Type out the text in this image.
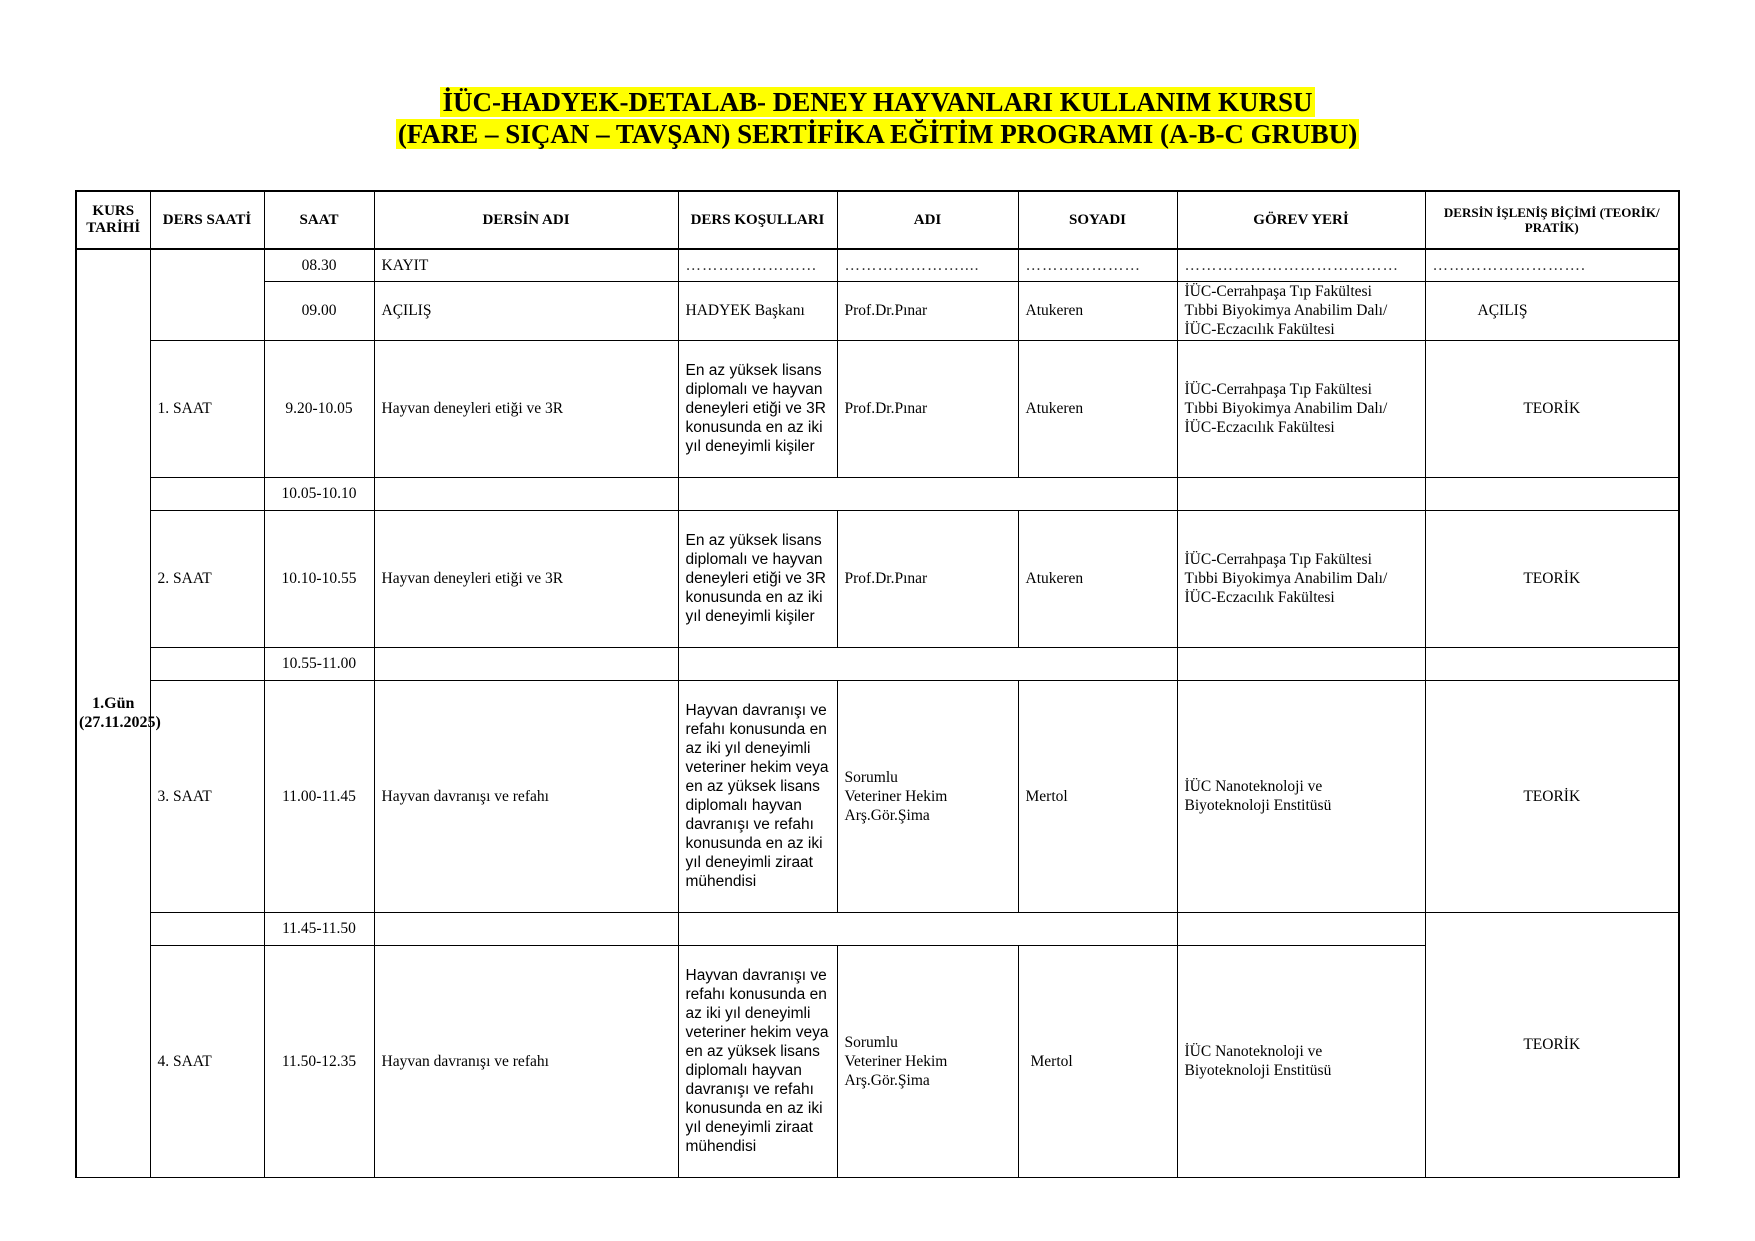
İÜC-HADYEK-DETALAB- DENEY HAYVANLARI KULLANIM KURSU
(FARE – SIÇAN – TAVŞAN) SERTİFİKA EĞİTİM PROGRAMI (A-B-C GRUBU)
KURS TARİHİ	DERS SAATİ	SAAT	DERSİN ADI	DERS KOŞULLARI	ADI	SOYADI	GÖREV YERİ	DERSİN İŞLENİŞ BİÇİMİ (TEORİK/ PRATİK)
1.Gün (27.11.2025)		08.30	KAYIT	……………………	…………………....	…………………	…………………………………	……………………….
		09.00	AÇILIŞ	HADYEK Başkanı	Prof.Dr.Pınar	Atukeren	İÜC-Cerrahpaşa Tıp Fakültesi
Tıbbi Biyokimya Anabilim Dalı/
İÜC-Eczacılık Fakültesi	AÇILIŞ
	1. SAAT	9.20-10.05	Hayvan deneyleri etiği ve 3R	En az yüksek lisans diplomalı ve hayvan deneyleri etiği ve 3R konusunda en az iki yıl deneyimli kişiler	Prof.Dr.Pınar	Atukeren	İÜC-Cerrahpaşa Tıp Fakültesi
Tıbbi Biyokimya Anabilim Dalı/
İÜC-Eczacılık Fakültesi	TEORİK
		10.05-10.10						
	2. SAAT	10.10-10.55	Hayvan deneyleri etiği ve 3R	En az yüksek lisans diplomalı ve hayvan deneyleri etiği ve 3R konusunda en az iki yıl deneyimli kişiler	Prof.Dr.Pınar	Atukeren	İÜC-Cerrahpaşa Tıp Fakültesi
Tıbbi Biyokimya Anabilim Dalı/
İÜC-Eczacılık Fakültesi	TEORİK
		10.55-11.00						
	3. SAAT	11.00-11.45	Hayvan davranışı ve refahı	Hayvan davranışı ve refahı konusunda en az iki yıl deneyimli veteriner hekim veya en az yüksek lisans diplomalı hayvan davranışı ve refahı konusunda en az iki yıl deneyimli ziraat mühendisi	Sorumlu
Veteriner Hekim
Arş.Gör.Şima	Mertol	İÜC Nanoteknoloji ve
Biyoteknoloji Enstitüsü	TEORİK
		11.45-11.50						TEORİK
	4. SAAT	11.50-12.35	Hayvan davranışı ve refahı	Hayvan davranışı ve refahı konusunda en az iki yıl deneyimli veteriner hekim veya en az yüksek lisans diplomalı hayvan davranışı ve refahı konusunda en az iki yıl deneyimli ziraat mühendisi	Sorumlu
Veteriner Hekim
Arş.Gör.Şima	Mertol	İÜC Nanoteknoloji ve
Biyoteknoloji Enstitüsü	
